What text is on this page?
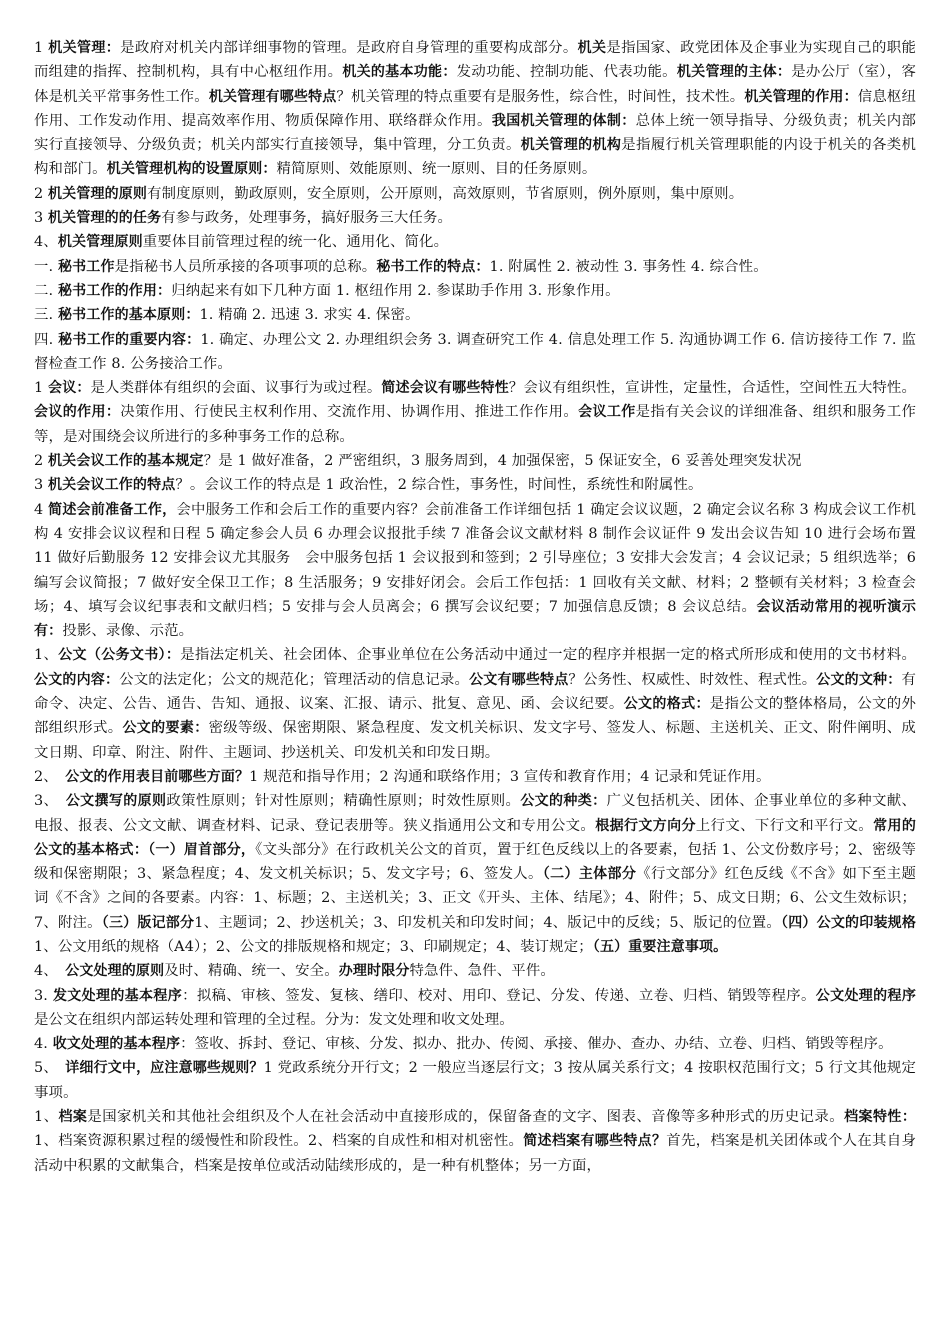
1 机关管理：是政府对机关内部详细事物的管理。是政府自身管理的重要构成部分。机关是指国家、政党团体及企事业为实现自己的职能而组建的指挥、控制机构，具有中心枢纽作用。机关的基本功能：发动功能、控制功能、代表功能。机关管理的主体：是办公厅（室），客体是机关平常事务性工作。机关管理有哪些特点？机关管理的特点重要有是服务性，综合性，时间性，技术性。机关管理的作用：信息枢纽作用、工作发动作用、提高效率作用、物质保障作用、联络群众作用。我国机关管理的体制：总体上统一领导指导、分级负责；机关内部实行直接领导、分级负责；机关内部实行直接领导，集中管理，分工负责。机关管理的机构是指履行机关管理职能的内设于机关的各类机构和部门。机关管理机构的设置原则：精简原则、效能原则、统一原则、目的任务原则。
2 机关管理的原则有制度原则，勤政原则，安全原则，公开原则，高效原则，节省原则，例外原则，集中原则。
3 机关管理的的任务有参与政务，处理事务，搞好服务三大任务。
4、机关管理原则重要体目前管理过程的统一化、通用化、简化。
一. 秘书工作是指秘书人员所承接的各项事项的总称。秘书工作的特点：1. 附属性 2. 被动性 3. 事务性 4. 综合性。
二. 秘书工作的作用：归纳起来有如下几种方面 1. 枢纽作用 2. 参谋助手作用 3. 形象作用。
三. 秘书工作的基本原则：1. 精确 2. 迅速 3. 求实 4. 保密。
四. 秘书工作的重要内容：1. 确定、办理公文 2. 办理组织会务 3. 调查研究工作 4. 信息处理工作 5. 沟通协调工作 6. 信访接待工作 7. 监督检查工作 8. 公务接洽工作。
1 会议：是人类群体有组织的会面、议事行为或过程。简述会议有哪些特性？会议有组织性，宣讲性，定量性，合适性，空间性五大特性。会议的作用：决策作用、行使民主权利作用、交流作用、协调作用、推进工作作用。会议工作是指有关会议的详细准备、组织和服务工作等，是对围绕会议所进行的多种事务工作的总称。
2 机关会议工作的基本规定？是 1 做好准备，2 严密组织，3 服务周到，4 加强保密，5 保证安全，6 妥善处理突发状况
3 机关会议工作的特点？。会议工作的特点是 1 政治性，2 综合性，事务性，时间性，系统性和附属性。
4 简述会前准备工作，会中服务工作和会后工作的重要内容？会前准备工作详细包括 1 确定会议议题，2 确定会议名称 3 构成会议工作机构 4 安排会议议程和日程 5 确定参会人员 6 办理会议报批手续 7 准备会议文献材料 8 制作会议证件 9 发出会议告知 10 进行会场布置 11 做好后勤服务 12 安排会议尤其服务　会中服务包括 1 会议报到和签到；2 引导座位；3 安排大会发言；4 会议记录；5 组织选举；6 编写会议简报；7 做好安全保卫工作；8 生活服务；9 安排好闭会。会后工作包括：1 回收有关文献、材料；2 整顿有关材料；3 检查会场；4、填写会议纪事表和文献归档；5 安排与会人员离会；6 撰写会议纪要；7 加强信息反馈；8 会议总结。会议活动常用的视听演示有：投影、录像、示范。
1、公文（公务文书）：是指法定机关、社会团体、企事业单位在公务活动中通过一定的程序并根据一定的格式所形成和使用的文书材料。公文的内容：公文的法定化；公文的规范化；管理活动的信息记录。公文有哪些特点？公务性、权威性、时效性、程式性。公文的文种：有命令、决定、公告、通告、告知、通报、议案、汇报、请示、批复、意见、函、会议纪要。公文的格式：是指公文的整体格局，公文的外部组织形式。公文的要素：密级等级、保密期限、紧急程度、发文机关标识、发文字号、签发人、标题、主送机关、正文、附件阐明、成文日期、印章、附注、附件、主题词、抄送机关、印发机关和印发日期。
2、　公文的作用表目前哪些方面？1 规范和指导作用；2 沟通和联络作用；3 宣传和教育作用；4 记录和凭证作用。
3、　公文撰写的原则政策性原则；针对性原则；精确性原则；时效性原则。公文的种类：广义包括机关、团体、企事业单位的多种文献、电报、报表、公文文献、调查材料、记录、登记表册等。狭义指通用公文和专用公文。根据行文方向分上行文、下行文和平行文。常用的公文的基本格式：（一）眉首部分，《文头部分》在行政机关公文的首页，置于红色反线以上的各要素，包括 1、公文份数序号；2、密级等级和保密期限；3、紧急程度；4、发文机关标识；5、发文字号；6、签发人。（二）主体部分《行文部分》红色反线《不含》如下至主题词《不含》之间的各要素。内容：1、标题；2、主送机关；3、正文《开头、主体、结尾》；4、附件；5、成文日期；6、公文生效标识；7、附注。（三）版记部分1、主题词；2、抄送机关；3、印发机关和印发时间；4、版记中的反线；5、版记的位置。（四）公文的印装规格1、公文用纸的规格（A4）；2、公文的排版规格和规定；3、印刷规定；4、装订规定；（五）重要注意事项。
4、　公文处理的原则及时、精确、统一、安全。办理时限分特急件、急件、平件。
3. 发文处理的基本程序：拟稿、审核、签发、复核、缮印、校对、用印、登记、分发、传递、立卷、归档、销毁等程序。公文处理的程序是公文在组织内部运转处理和管理的全过程。分为：发文处理和收文处理。
4. 收文处理的基本程序：签收、拆封、登记、审核、分发、拟办、批办、传阅、承接、催办、查办、办结、立卷、归档、销毁等程序。
5、　详细行文中，应注意哪些规则？1 党政系统分开行文；2 一般应当逐层行文；3 按从属关系行文；4 按职权范围行文；5 行文其他规定事项。
1、档案是国家机关和其他社会组织及个人在社会活动中直接形成的，保留备查的文字、图表、音像等多种形式的历史记录。档案特性：1、档案资源积累过程的缓慢性和阶段性。2、档案的自成性和相对机密性。简述档案有哪些特点？首先，档案是机关团体或个人在其自身活动中积累的文献集合，档案是按单位或活动陆续形成的，是一种有机整体；另一方面，
